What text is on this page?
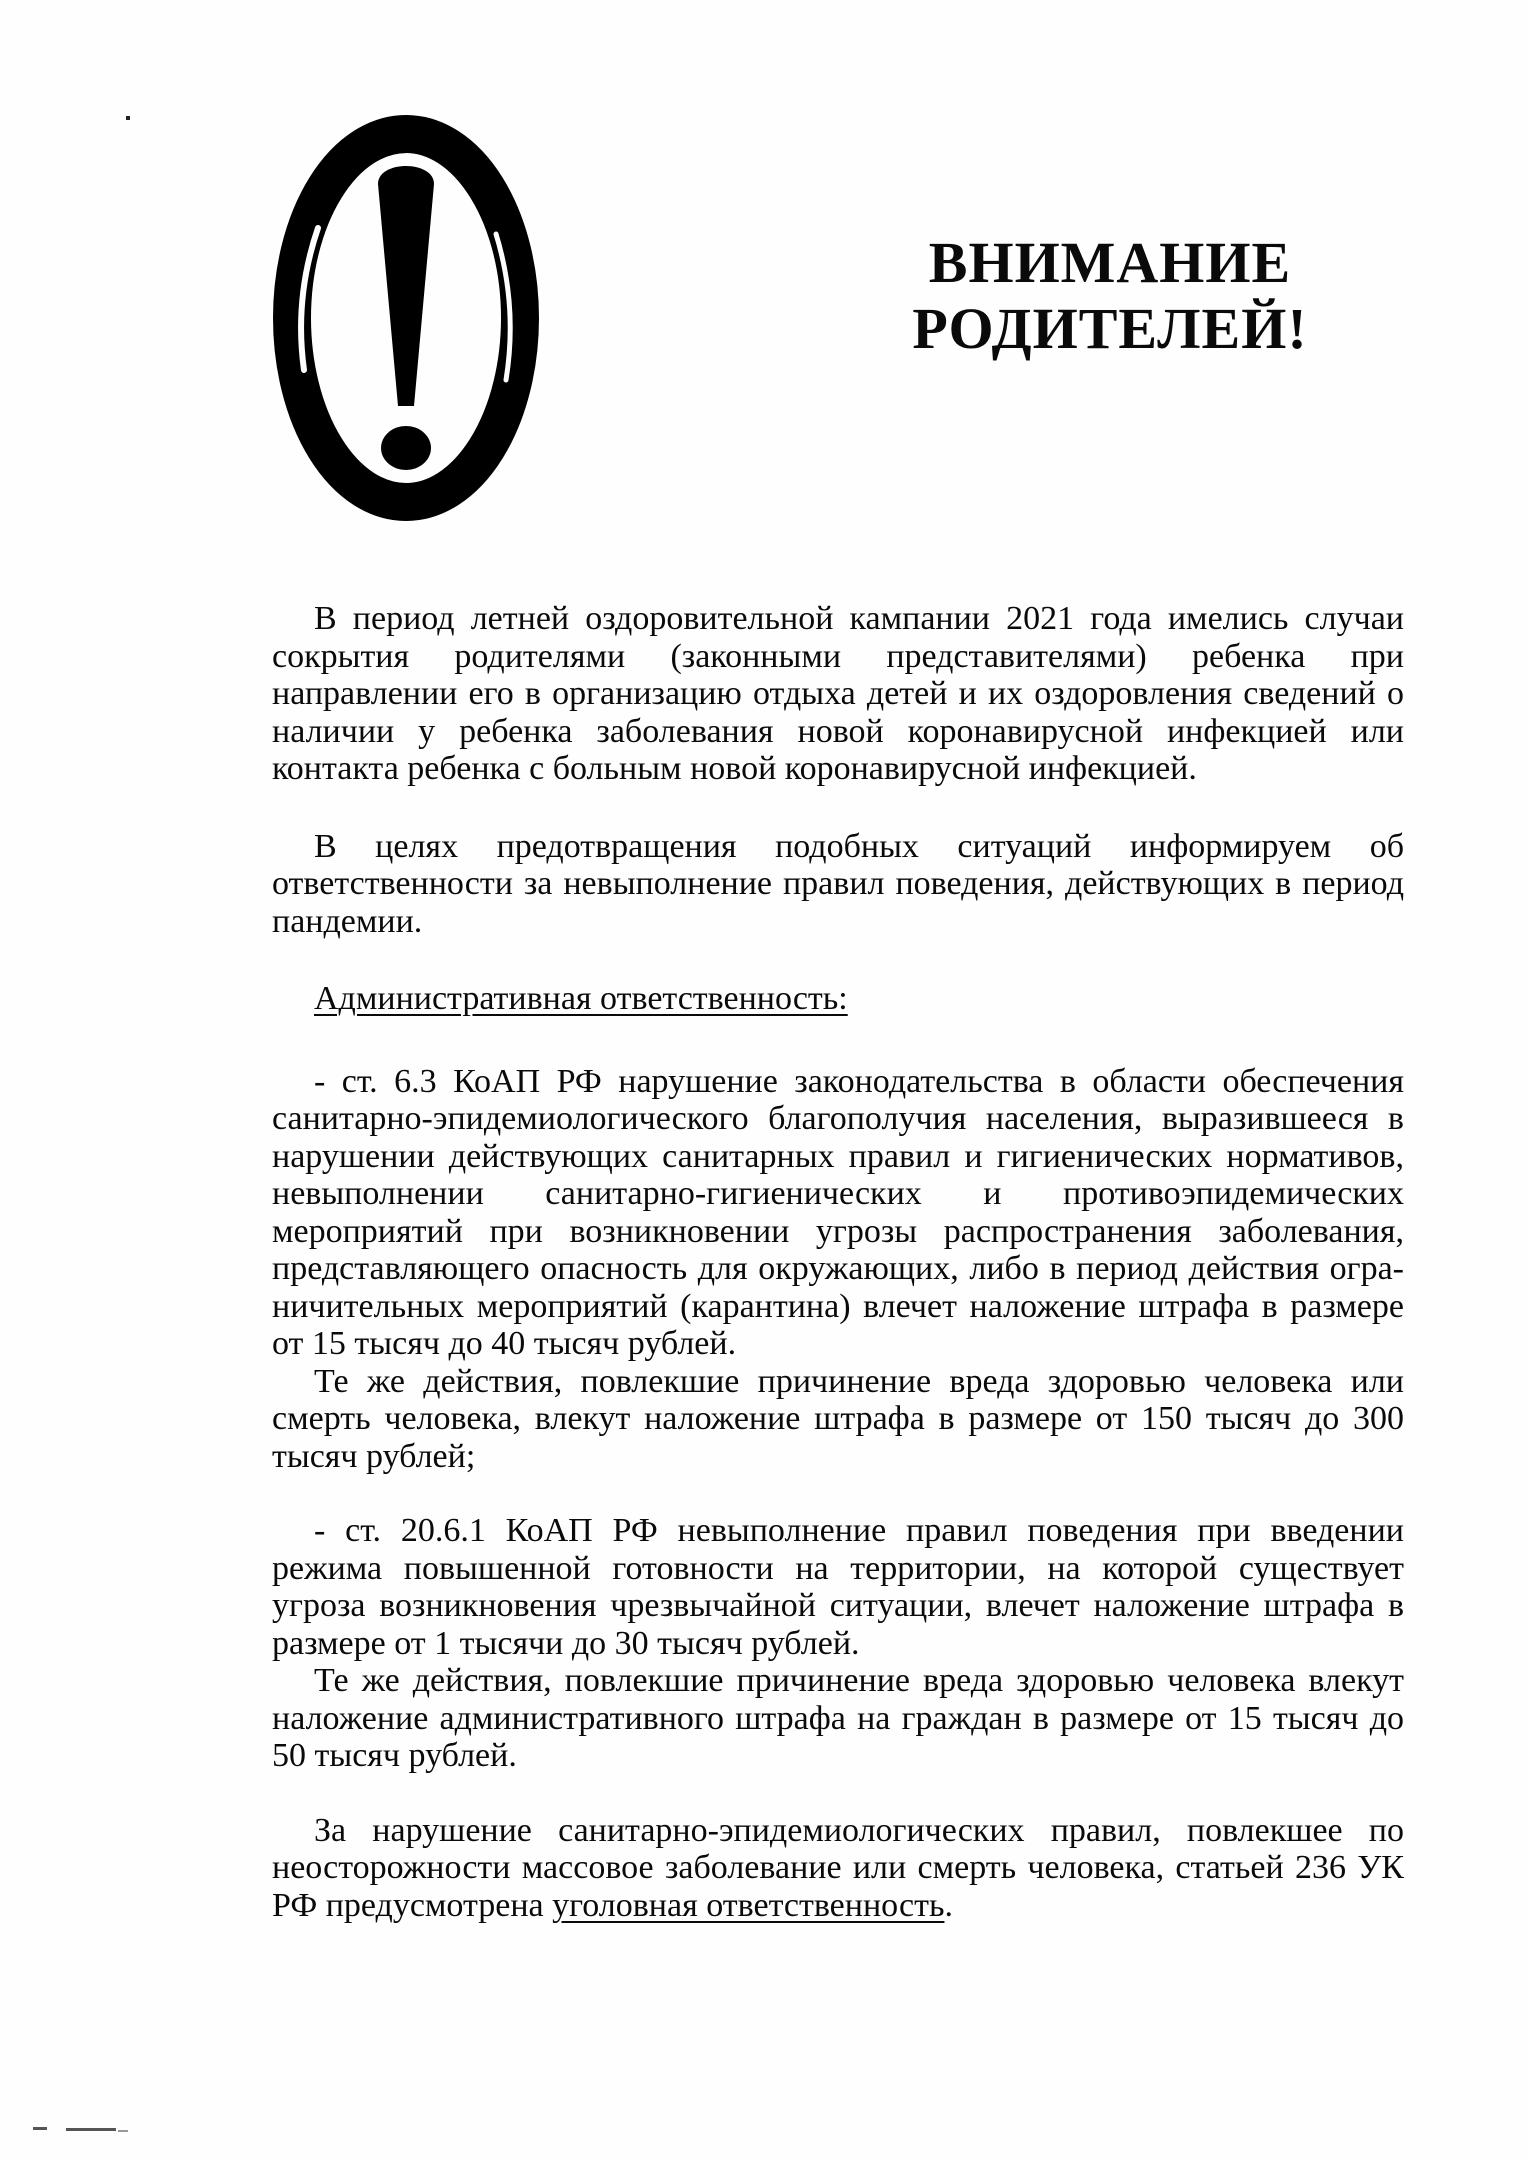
ВНИМАНИЕ
РОДИТЕЛЕЙ!
В период летней оздоровительной кампании 2021 года имелись случаи
сокрытия родителями (законными представителями) ребенка при
направлении его в организацию отдыха детей и их оздоровления сведений о
наличии у ребенка заболевания новой коронавирусной инфекцией или
контакта ребенка с больным новой коронавирусной инфекцией.
В целях предотвращения подобных ситуаций информируем об
ответственности за невыполнение правил поведения, действующих в период
пандемии.
Административная ответственность:
- ст. 6.3 КоАП РФ нарушение законодательства в области обеспечения
санитарно-эпидемиологического благополучия населения, выразившееся в
нарушении действующих санитарных правил и гигиенических нормативов,
невыполнении санитарно-гигиенических и противоэпидемических
мероприятий при возникновении угрозы распространения заболевания,
представляющего опасность для окружающих, либо в период действия огра-
ничительных мероприятий (карантина) влечет наложение штрафа в размере
от 15 тысяч до 40 тысяч рублей.
Те же действия, повлекшие причинение вреда здоровью человека или
смерть человека, влекут наложение штрафа в размере от 150 тысяч до 300
тысяч рублей;
- ст. 20.6.1 КоАП РФ невыполнение правил поведения при введении
режима повышенной готовности на территории, на которой существует
угроза возникновения чрезвычайной ситуации, влечет наложение штрафа в
размере от 1 тысячи до 30 тысяч рублей.
Те же действия, повлекшие причинение вреда здоровью человека влекут
наложение административного штрафа на граждан в размере от 15 тысяч до
50 тысяч рублей.
За нарушение санитарно-эпидемиологических правил, повлекшее по
неосторожности массовое заболевание или смерть человека, статьей 236 УК
РФ предусмотрена уголовная ответственность.
